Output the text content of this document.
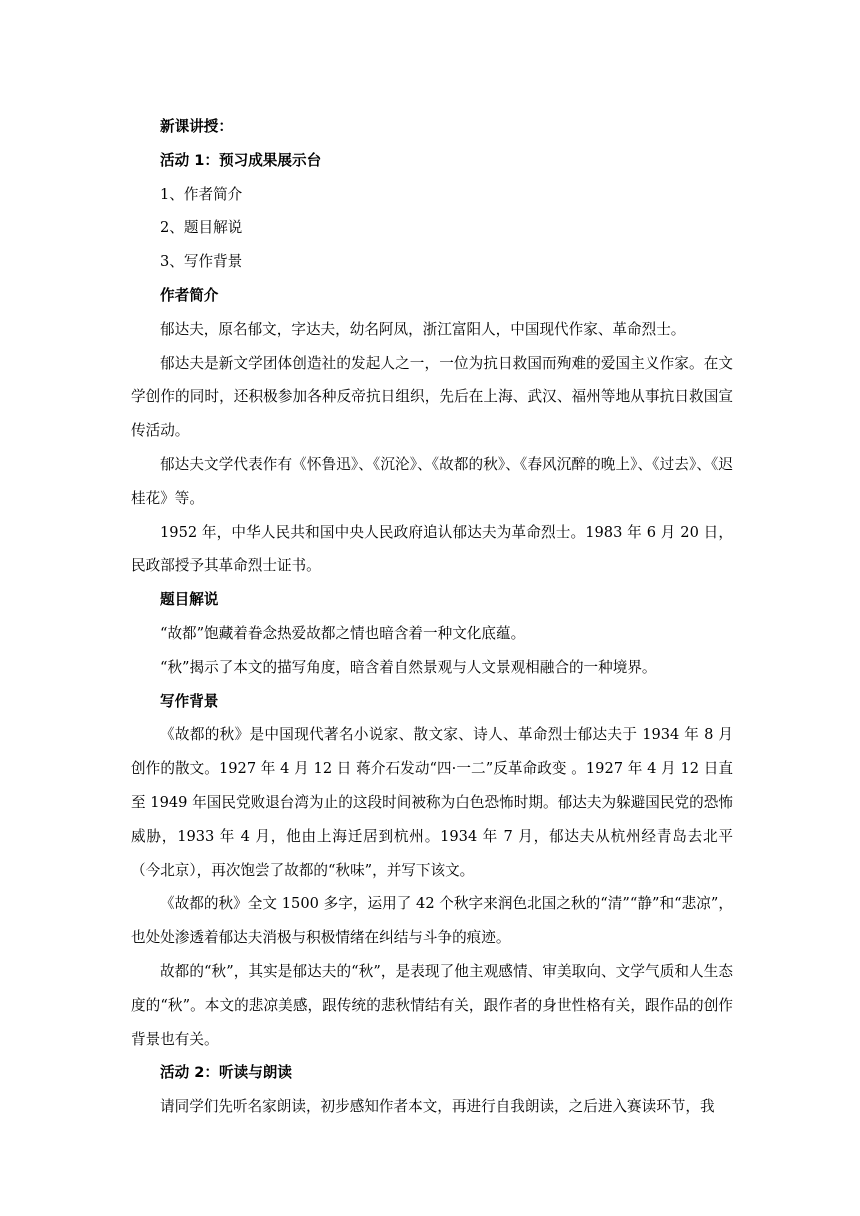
新课讲授：

活动 1：预习成果展示台

1、作者简介

2、题目解说

3、写作背景

作者简介

郁达夫，原名郁文，字达夫，幼名阿凤，浙江富阳人，中国现代作家、革命烈士。

郁达夫是新文学团体创造社的发起人之一，一位为抗日救国而殉难的爱国主义作家。在文学创作的同时，还积极参加各种反帝抗日组织，先后在上海、武汉、福州等地从事抗日救国宣传活动。

郁达夫文学代表作有《怀鲁迅》、《沉沦》、《故都的秋》、《春风沉醉的晚上》、《过去》、《迟桂花》等。

1952 年，中华人民共和国中央人民政府追认郁达夫为革命烈士。1983 年 6 月 20 日，民政部授予其革命烈士证书。

题目解说

“故都”饱藏着眷念热爱故都之情也暗含着一种文化底蕴。

“秋”揭示了本文的描写角度，暗含着自然景观与人文景观相融合的一种境界。

写作背景

《故都的秋》是中国现代著名小说家、散文家、诗人、革命烈士郁达夫于 1934 年 8 月创作的散文。1927 年 4 月 12 日 蒋介石发动“四·一二”反革命政变 。1927 年 4 月 12 日直至 1949 年国民党败退台湾为止的这段时间被称为白色恐怖时期。郁达夫为躲避国民党的恐怖威胁，1933 年 4 月，他由上海迁居到杭州。1934 年 7 月，郁达夫从杭州经青岛去北平（今北京），再次饱尝了故都的“秋味”，并写下该文。

《故都的秋》全文 1500 多字，运用了 42 个秋字来润色北国之秋的“清”“静”和“悲凉”，也处处渗透着郁达夫消极与积极情绪在纠结与斗争的痕迹。

故都的“秋”，其实是郁达夫的“秋”，是表现了他主观感情、审美取向、文学气质和人生态度的“秋”。本文的悲凉美感，跟传统的悲秋情结有关，跟作者的身世性格有关，跟作品的创作背景也有关。

活动 2：听读与朗读

请同学们先听名家朗读，初步感知作者本文，再进行自我朗读，之后进入赛读环节，我
